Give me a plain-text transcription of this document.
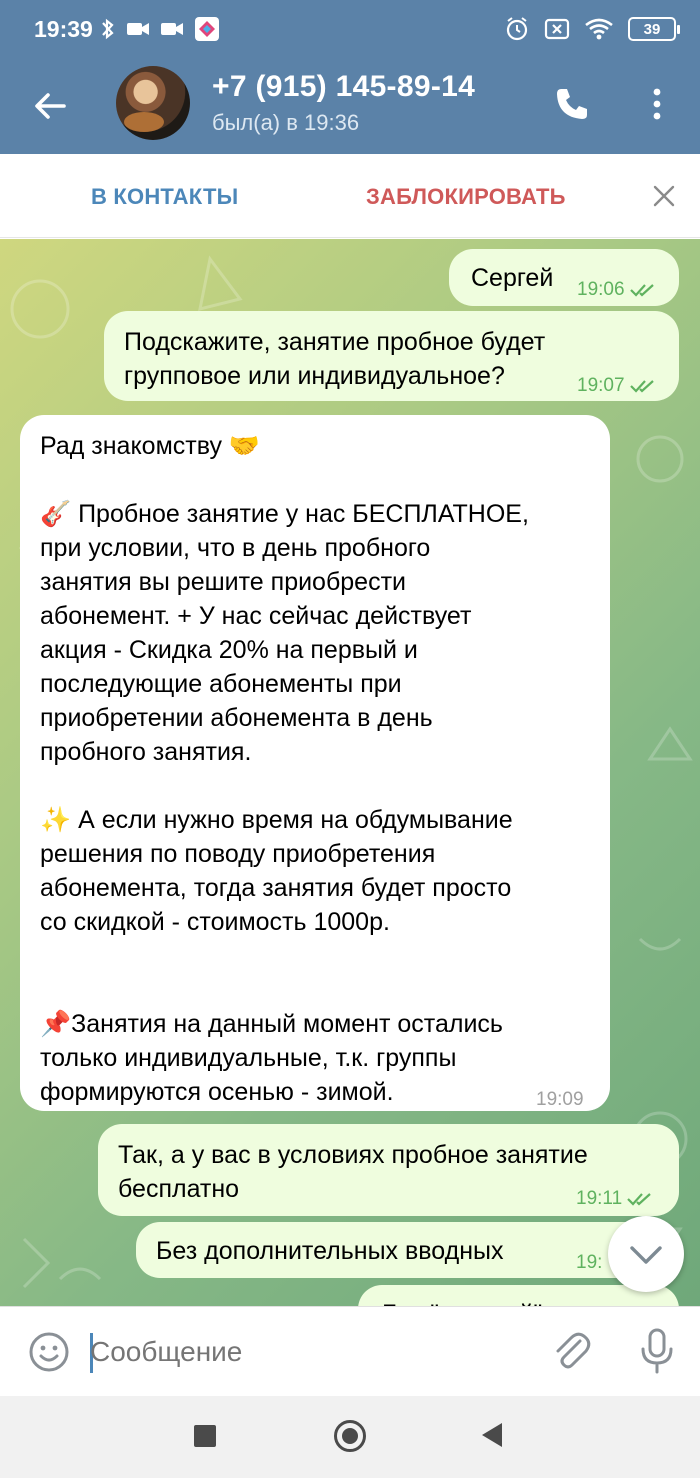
19:39	39
+7 (915) 145-89-14
был(а) в 19:36
В КОНТАКТЫ	ЗАБЛОКИРОВАТЬ
Сергей 19:06
Подскажите, занятие пробное будет
групповое или индивидуальное?	19:07
Рад знакомству 🤝
🎸 Пробное занятие у нас БЕСПЛАТНОЕ,
при условии, что в день пробного
занятия вы решите приобрести
абонемент. + У нас сейчас действует
акция - Скидка 20% на первый и
последующие абонементы при
приобретении абонемента в день
пробного занятия.
✨ А если нужно время на обдумывание
решения по поводу приобретения
абонемента, тогда занятия будет просто
со скидкой - стоимость 1000р.
📌Занятия на данный момент остались
только индивидуальные, т.к. группы
формируются осенью - зимой.	19:09
Так, а у вас в условиях пробное занятие
бесплатно	19:11
Без дополнительных вводных	19:
Сообщение
